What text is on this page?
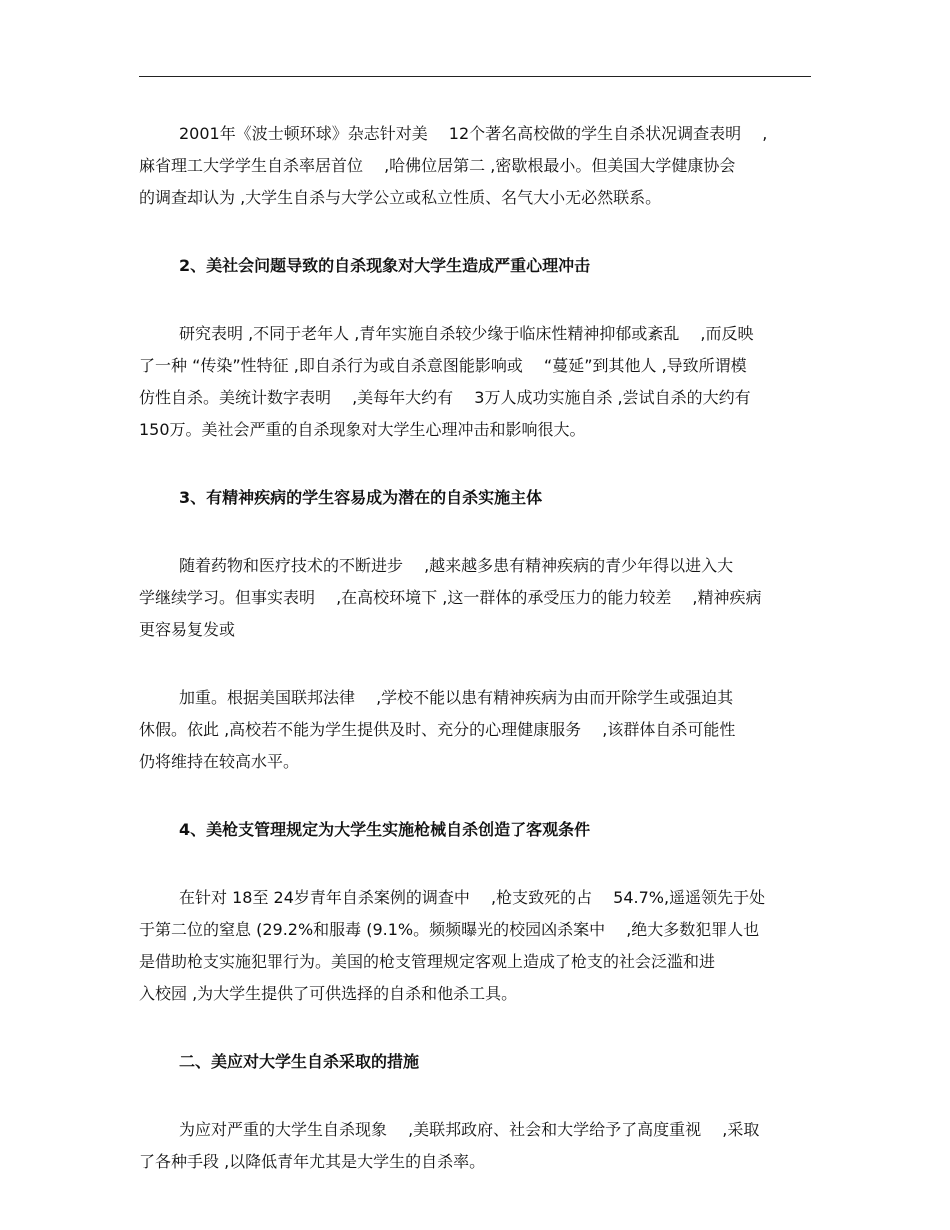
2001年《波士顿环球》杂志针对美　 12个著名高校做的学生自杀状况调查表明　 ,
麻省理工大学学生自杀率居首位　 ,哈佛位居第二 ,密歇根最小。但美国大学健康协会
的调查却认为 ,大学生自杀与大学公立或私立性质、名气大小无必然联系。

2、美社会问题导致的自杀现象对大学生造成严重心理冲击

研究表明 ,不同于老年人 ,青年实施自杀较少缘于临床性精神抑郁或紊乱　 ,而反映
了一种 “传染”性特征 ,即自杀行为或自杀意图能影响或　 “蔓延”到其他人 ,导致所谓模
仿性自杀。美统计数字表明　 ,美每年大约有　 3万人成功实施自杀 ,尝试自杀的大约有
150万。美社会严重的自杀现象对大学生心理冲击和影响很大。

3、有精神疾病的学生容易成为潜在的自杀实施主体

随着药物和医疗技术的不断进步　 ,越来越多患有精神疾病的青少年得以进入大
学继续学习。但事实表明　 ,在高校环境下 ,这一群体的承受压力的能力较差　 ,精神疾病
更容易复发或

加重。根据美国联邦法律　 ,学校不能以患有精神疾病为由而开除学生或强迫其
休假。依此 ,高校若不能为学生提供及时、充分的心理健康服务　 ,该群体自杀可能性
仍将维持在较高水平。

4、美枪支管理规定为大学生实施枪械自杀创造了客观条件

在针对 18至 24岁青年自杀案例的调查中　 ,枪支致死的占　 54.7%,遥遥领先于处
于第二位的窒息 (29.2%和服毒 (9.1%。频频曝光的校园凶杀案中　 ,绝大多数犯罪人也
是借助枪支实施犯罪行为。美国的枪支管理规定客观上造成了枪支的社会泛滥和进
入校园 ,为大学生提供了可供选择的自杀和他杀工具。

二、美应对大学生自杀采取的措施

为应对严重的大学生自杀现象　 ,美联邦政府、社会和大学给予了高度重视　 ,采取
了各种手段 ,以降低青年尤其是大学生的自杀率。
